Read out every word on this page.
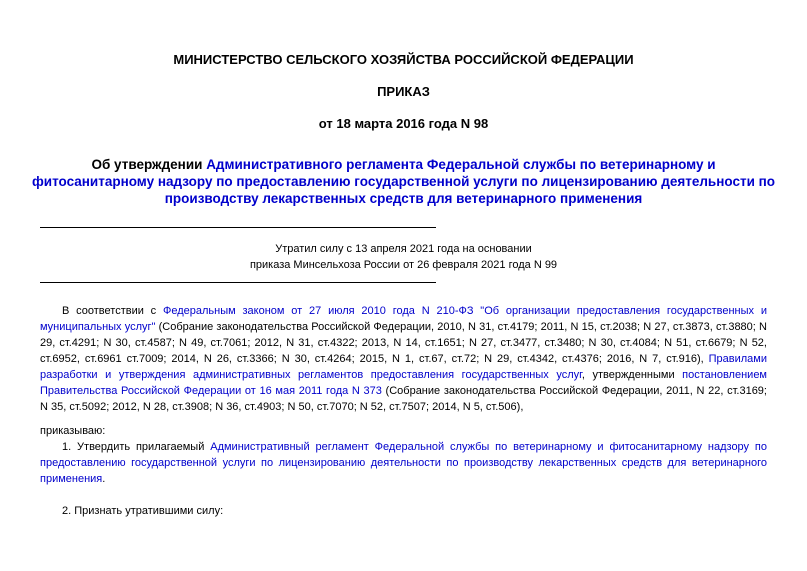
МИНИСТЕРСТВО СЕЛЬСКОГО ХОЗЯЙСТВА РОССИЙСКОЙ ФЕДЕРАЦИИ
ПРИКАЗ
от 18 марта 2016 года N 98
Об утверждении Административного регламента Федеральной службы по ветеринарному и фитосанитарному надзору по предоставлению государственной услуги по лицензированию деятельности по производству лекарственных средств для ветеринарного применения
Утратил силу с 13 апреля 2021 года на основании
приказа Минсельхоза России от 26 февраля 2021 года N 99
В соответствии с Федеральным законом от 27 июля 2010 года N 210-ФЗ "Об организации предоставления государственных и муниципальных услуг" (Собрание законодательства Российской Федерации, 2010, N 31, ст.4179; 2011, N 15, ст.2038; N 27, ст.3873, ст.3880; N 29, ст.4291; N 30, ст.4587; N 49, ст.7061; 2012, N 31, ст.4322; 2013, N 14, ст.1651; N 27, ст.3477, ст.3480; N 30, ст.4084; N 51, ст.6679; N 52, ст.6952, ст.6961 ст.7009; 2014, N 26, ст.3366; N 30, ст.4264; 2015, N 1, ст.67, ст.72; N 29, ст.4342, ст.4376; 2016, N 7, ст.916), Правилами разработки и утверждения административных регламентов предоставления государственных услуг, утвержденными постановлением Правительства Российской Федерации от 16 мая 2011 года N 373 (Собрание законодательства Российской Федерации, 2011, N 22, ст.3169; N 35, ст.5092; 2012, N 28, ст.3908; N 36, ст.4903; N 50, ст.7070; N 52, ст.7507; 2014, N 5, ст.506),
приказываю:
1. Утвердить прилагаемый Административный регламент Федеральной службы по ветеринарному и фитосанитарному надзору по предоставлению государственной услуги по лицензированию деятельности по производству лекарственных средств для ветеринарного применения.
2. Признать утратившими силу:
